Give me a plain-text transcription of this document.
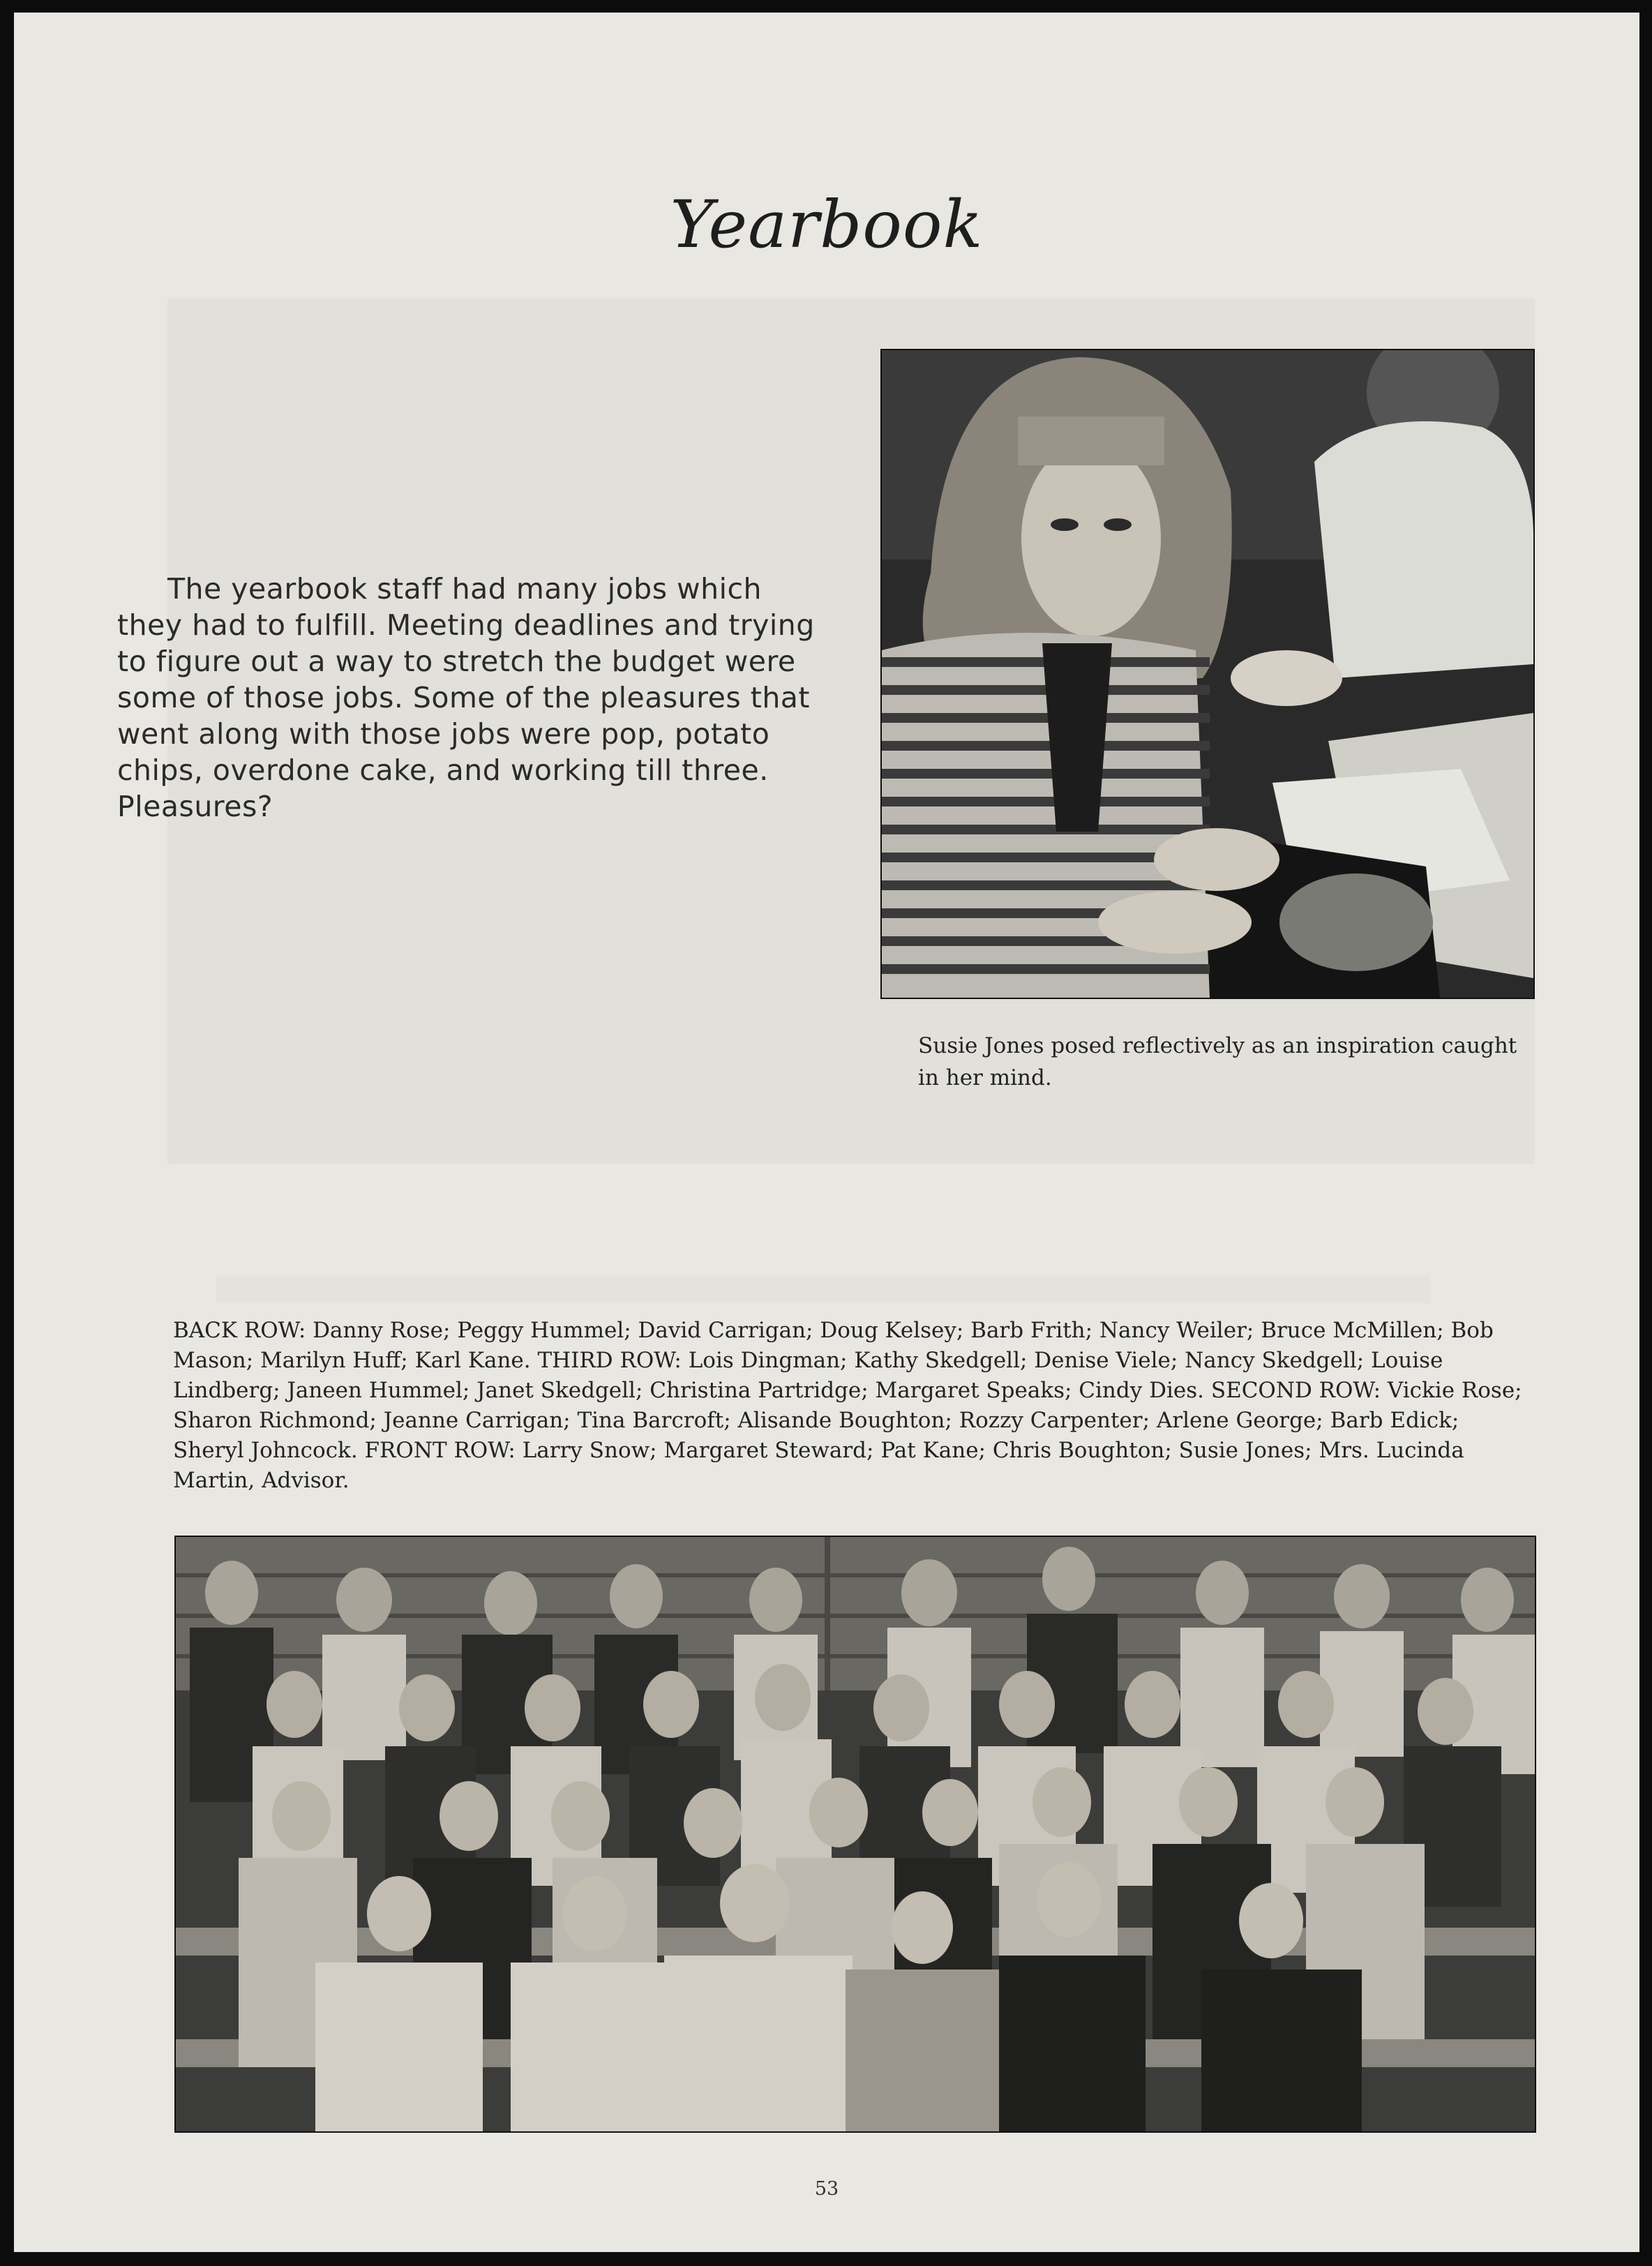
Yearbook

The yearbook staff had many jobs which they had to fulfill. Meeting deadlines and trying to figure out a way to stretch the budget were some of those jobs. Some of the pleasures that went along with those jobs were pop, potato chips, overdone cake, and working till three. Pleasures?

Susie Jones posed reflectively as an inspiration caught in her mind.
BACK ROW: Danny Rose; Peggy Hummel; David Carrigan; Doug Kelsey; Barb Frith; Nancy Weiler; Bruce McMillen; Bob Mason; Marilyn Huff; Karl Kane. THIRD ROW: Lois Dingman; Kathy Skedgell; Denise Viele; Nancy Skedgell; Louise Lindberg; Janeen Hummel; Janet Skedgell; Christina Partridge; Margaret Speaks; Cindy Dies. SECOND ROW: Vickie Rose; Sharon Richmond; Jeanne Carrigan; Tina Barcroft; Alisande Boughton; Rozzy Carpenter; Arlene George; Barb Edick; Sheryl Johncock. FRONT ROW: Larry Snow; Margaret Steward; Pat Kane; Chris Boughton; Susie Jones; Mrs. Lucinda Martin, Advisor.
53
